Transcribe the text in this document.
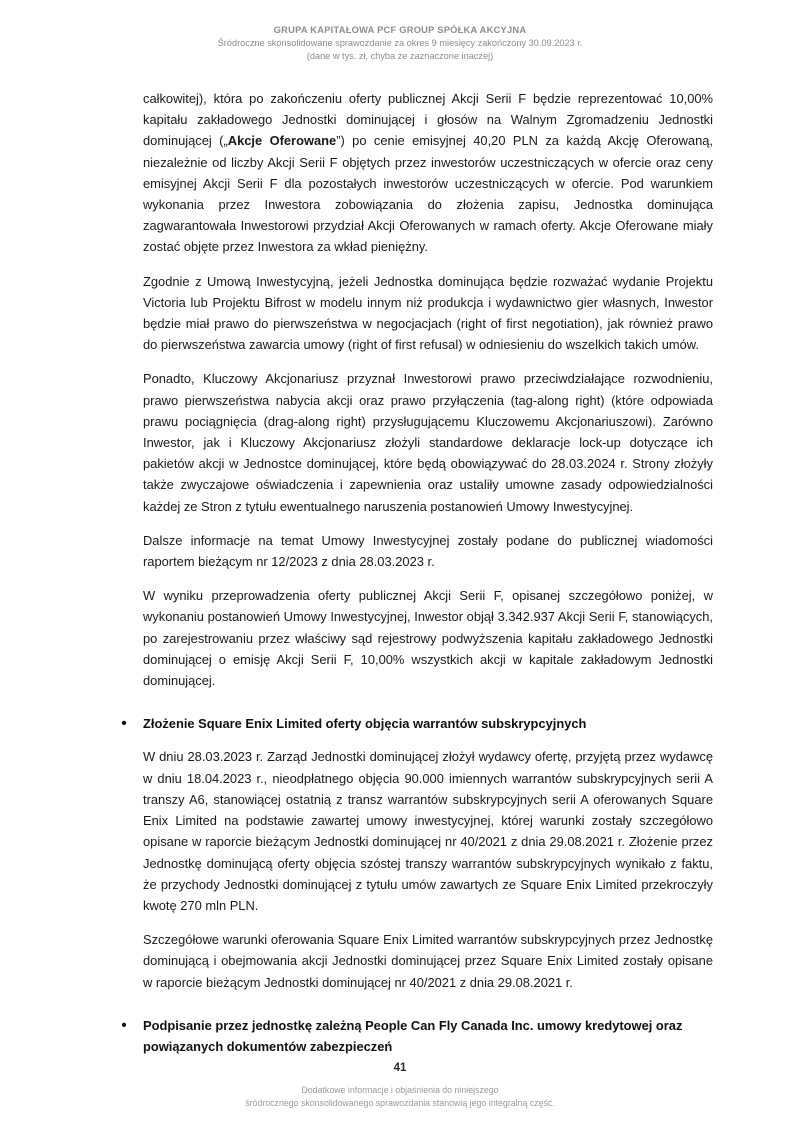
GRUPA KAPITAŁOWA PCF GROUP SPÓŁKA AKCYJNA
Śródroczne skonsolidowane sprawozdanie za okres 9 miesięcy zakończony 30.09.2023 r.
(dane w tys. zł, chyba że zaznaczone inaczej)

całkowitej), która po zakończeniu oferty publicznej Akcji Serii F będzie reprezentować 10,00% kapitału zakładowego Jednostki dominującej i głosów na Walnym Zgromadzeniu Jednostki dominującej („Akcje Oferowane”) po cenie emisyjnej 40,20 PLN za każdą Akcję Oferowaną, niezależnie od liczby Akcji Serii F objętych przez inwestorów uczestniczących w ofercie oraz ceny emisyjnej Akcji Serii F dla pozostałych inwestorów uczestniczących w ofercie. Pod warunkiem wykonania przez Inwestora zobowiązania do złożenia zapisu, Jednostka dominująca zagwarantowała Inwestorowi przydział Akcji Oferowanych w ramach oferty. Akcje Oferowane miały zostać objęte przez Inwestora za wkład pieniężny.

Zgodnie z Umową Inwestycyjną, jeżeli Jednostka dominująca będzie rozważać wydanie Projektu Victoria lub Projektu Bifrost w modelu innym niż produkcja i wydawnictwo gier własnych, Inwestor będzie miał prawo do pierwszeństwa w negocjacjach (right of first negotiation), jak również prawo do pierwszeństwa zawarcia umowy (right of first refusal) w odniesieniu do wszelkich takich umów.

Ponadto, Kluczowy Akcjonariusz przyznał Inwestorowi prawo przeciwdziałające rozwodnieniu, prawo pierwszeństwa nabycia akcji oraz prawo przyłączenia (tag-along right) (które odpowiada prawu pociągnięcia (drag-along right) przysługującemu Kluczowemu Akcjonariuszowi). Zarówno Inwestor, jak i Kluczowy Akcjonariusz złożyli standardowe deklaracje lock-up dotyczące ich pakietów akcji w Jednostce dominującej, które będą obowiązywać do 28.03.2024 r. Strony złożyły także zwyczajowe oświadczenia i zapewnienia oraz ustaliły umowne zasady odpowiedzialności każdej ze Stron z tytułu ewentualnego naruszenia postanowień Umowy Inwestycyjnej.

Dalsze informacje na temat Umowy Inwestycyjnej zostały podane do publicznej wiadomości raportem bieżącym nr 12/2023 z dnia 28.03.2023 r.

W wyniku przeprowadzenia oferty publicznej Akcji Serii F, opisanej szczegółowo poniżej, w wykonaniu postanowień Umowy Inwestycyjnej, Inwestor objął 3.342.937 Akcji Serii F, stanowiących, po zarejestrowaniu przez właściwy sąd rejestrowy podwyższenia kapitału zakładowego Jednostki dominującej o emisję Akcji Serii F, 10,00% wszystkich akcji w kapitale zakładowym Jednostki dominującej.

•	Złożenie Square Enix Limited oferty objęcia warrantów subskrypcyjnych

W dniu 28.03.2023 r. Zarząd Jednostki dominującej złożył wydawcy ofertę, przyjętą przez wydawcę w dniu 18.04.2023 r., nieodpłatnego objęcia 90.000 imiennych warrantów subskrypcyjnych serii A transzy A6, stanowiącej ostatnią z transz warrantów subskrypcyjnych serii A oferowanych Square Enix Limited na podstawie zawartej umowy inwestycyjnej, której warunki zostały szczegółowo opisane w raporcie bieżącym Jednostki dominującej nr 40/2021 z dnia 29.08.2021 r. Złożenie przez Jednostkę dominującą oferty objęcia szóstej transzy warrantów subskrypcyjnych wynikało z faktu, że przychody Jednostki dominującej z tytułu umów zawartych ze Square Enix Limited przekroczyły kwotę 270 mln PLN.

Szczegółowe warunki oferowania Square Enix Limited warrantów subskrypcyjnych przez Jednostkę dominującą i obejmowania akcji Jednostki dominującej przez Square Enix Limited zostały opisane w raporcie bieżącym Jednostki dominującej nr 40/2021 z dnia 29.08.2021 r.

•	Podpisanie przez jednostkę zależną People Can Fly Canada Inc. umowy kredytowej oraz powiązanych dokumentów zabezpieczeń

41
Dodatkowe informacje i objaśnienia do niniejszego
śródrocznego skonsolidowanego sprawozdania stanowią jego integralną część.
